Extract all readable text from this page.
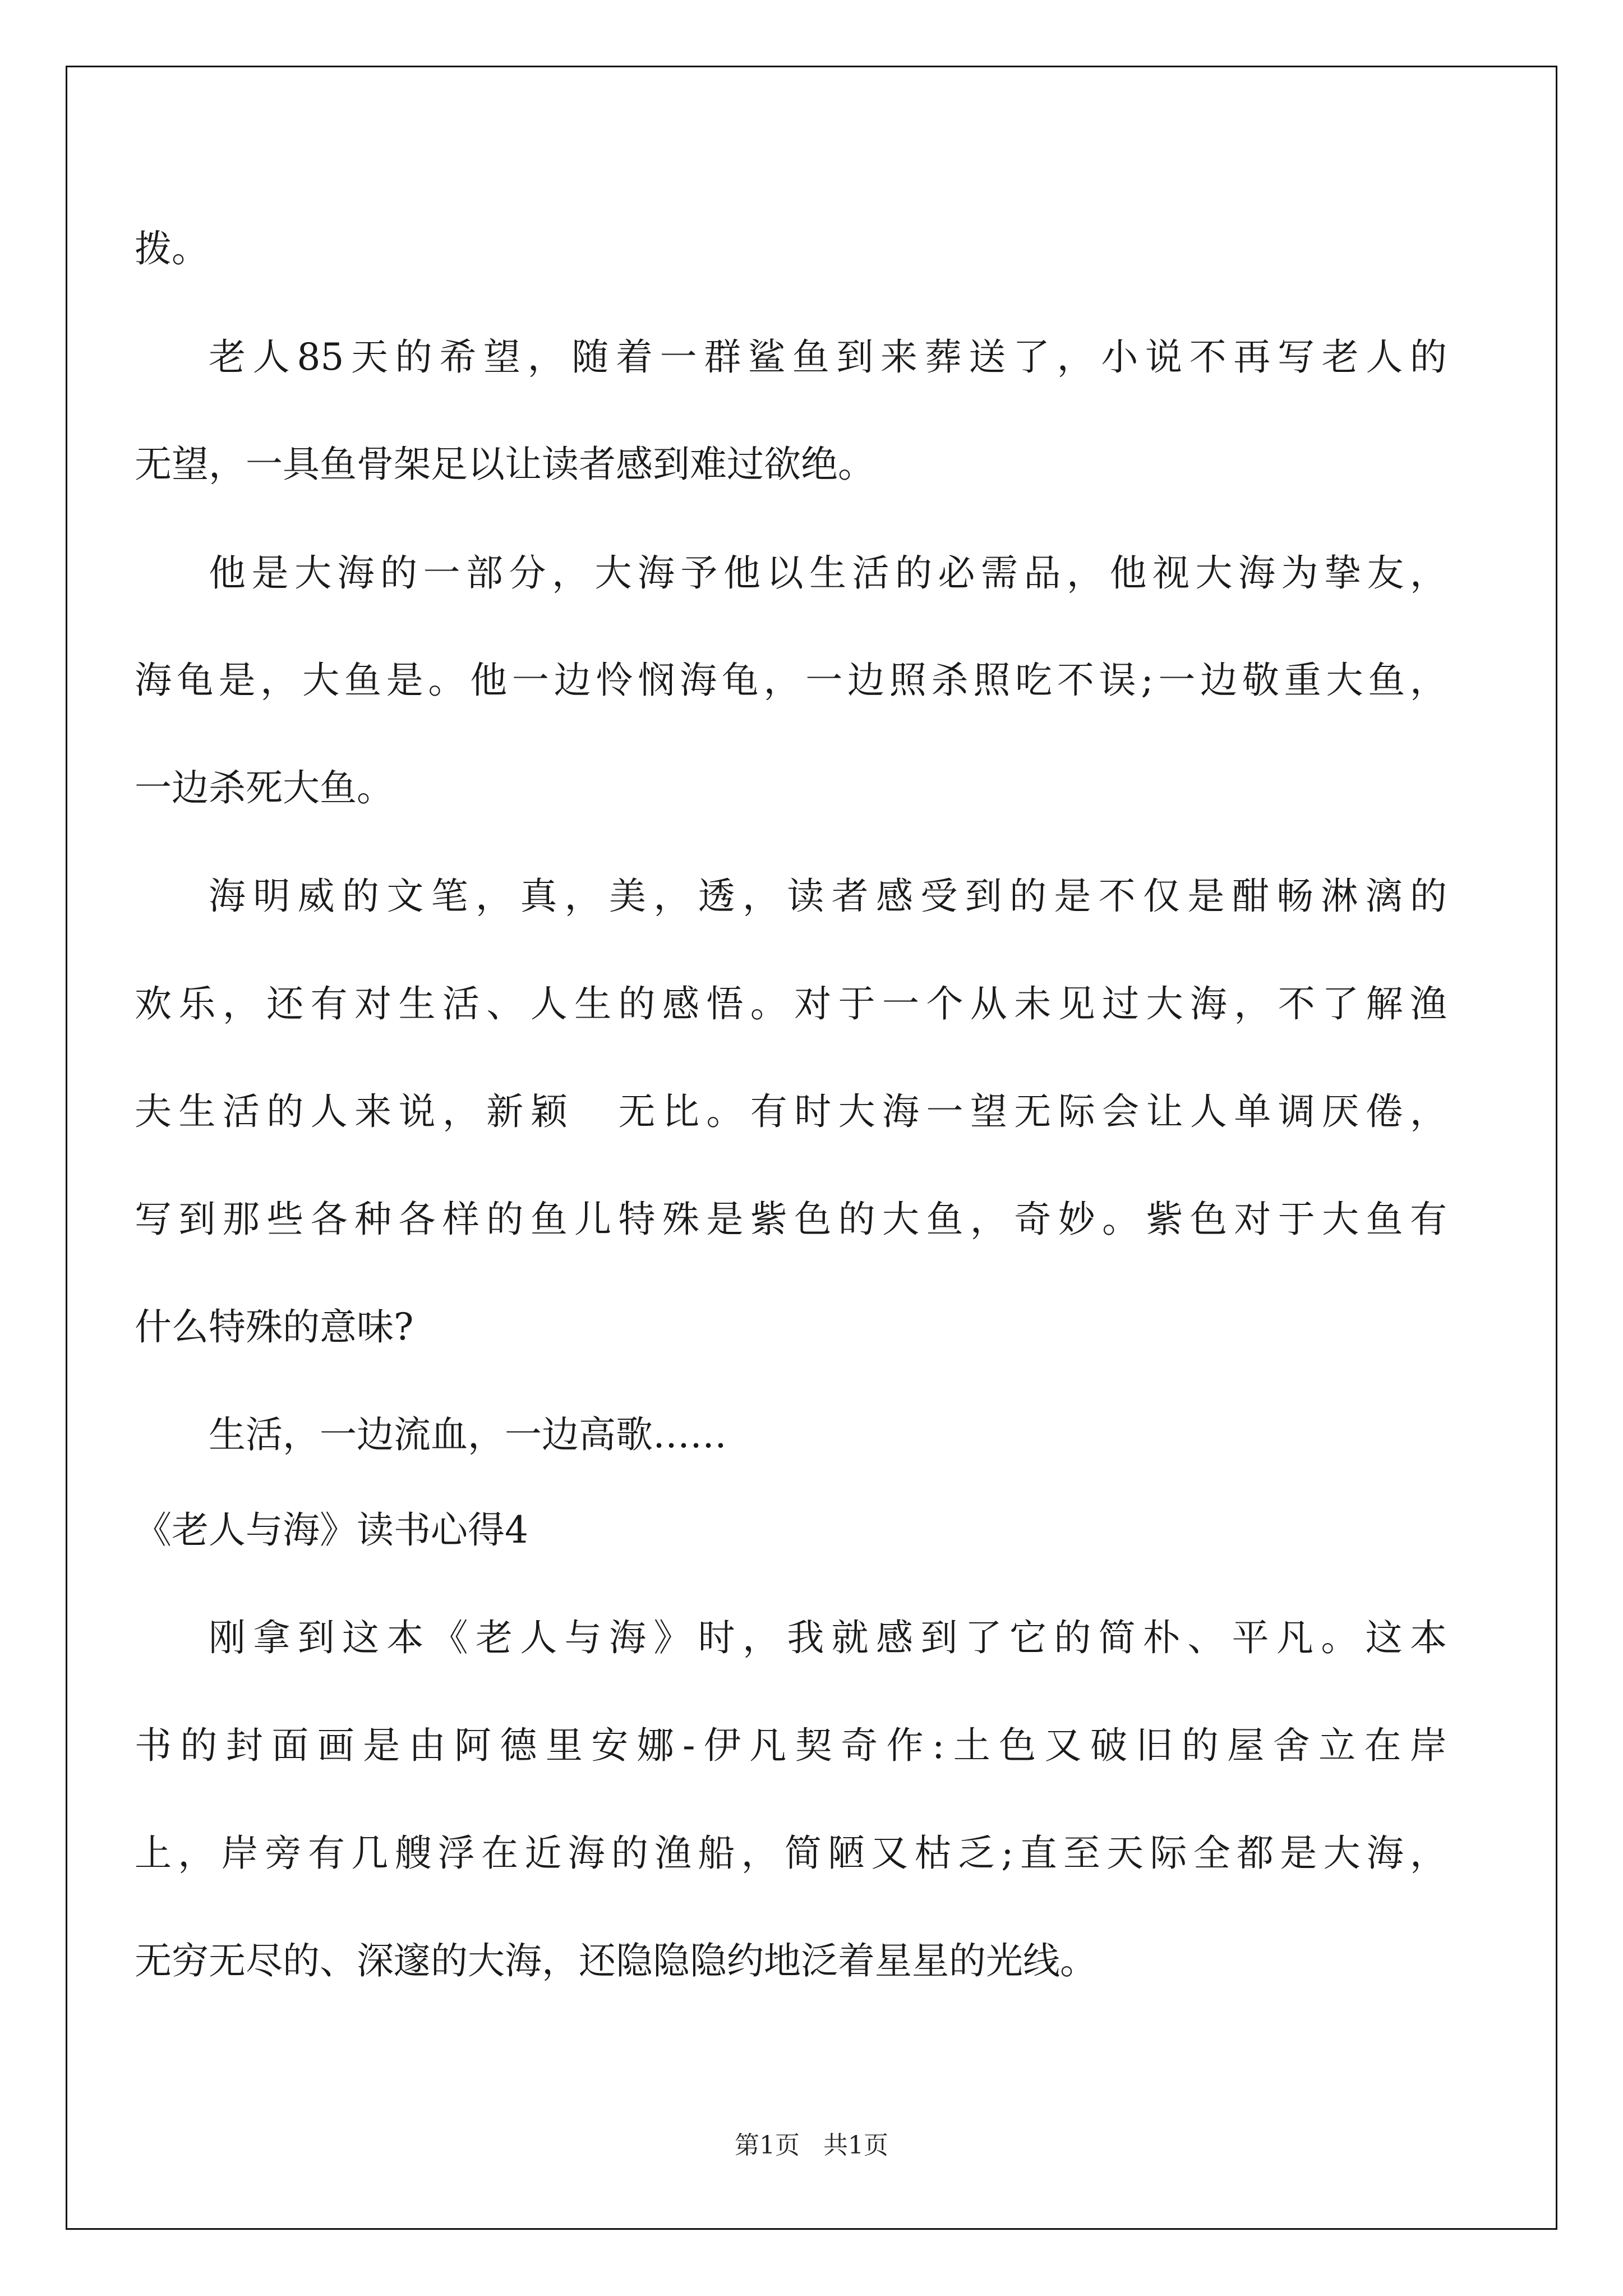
拨。
老人85天的希望，随着一群鲨鱼到来葬送了，小说不再写老人的
无望，一具鱼骨架足以让读者感到难过欲绝。
他是大海的一部分，大海予他以生活的必需品，他视大海为挚友，
海龟是，大鱼是。他一边怜悯海龟，一边照杀照吃不误;一边敬重大鱼，
一边杀死大鱼。
海明威的文笔，真，美，透，读者感受到的是不仅是酣畅淋漓的
欢乐，还有对生活、人生的感悟。对于一个从未见过大海，不了解渔
夫生活的人来说，新颖　无比。有时大海一望无际会让人单调厌倦，
写到那些各种各样的鱼儿特殊是紫色的大鱼，奇妙。紫色对于大鱼有
什么特殊的意味?
生活，一边流血，一边高歌……
《老人与海》读书心得4
刚拿到这本《老人与海》时，我就感到了它的简朴、平凡。这本
书的封面画是由阿德里安娜-伊凡契奇作:土色又破旧的屋舍立在岸
上，岸旁有几艘浮在近海的渔船，简陋又枯乏;直至天际全都是大海，
无穷无尽的、深邃的大海，还隐隐隐约地泛着星星的光线。
第1页 共1页
